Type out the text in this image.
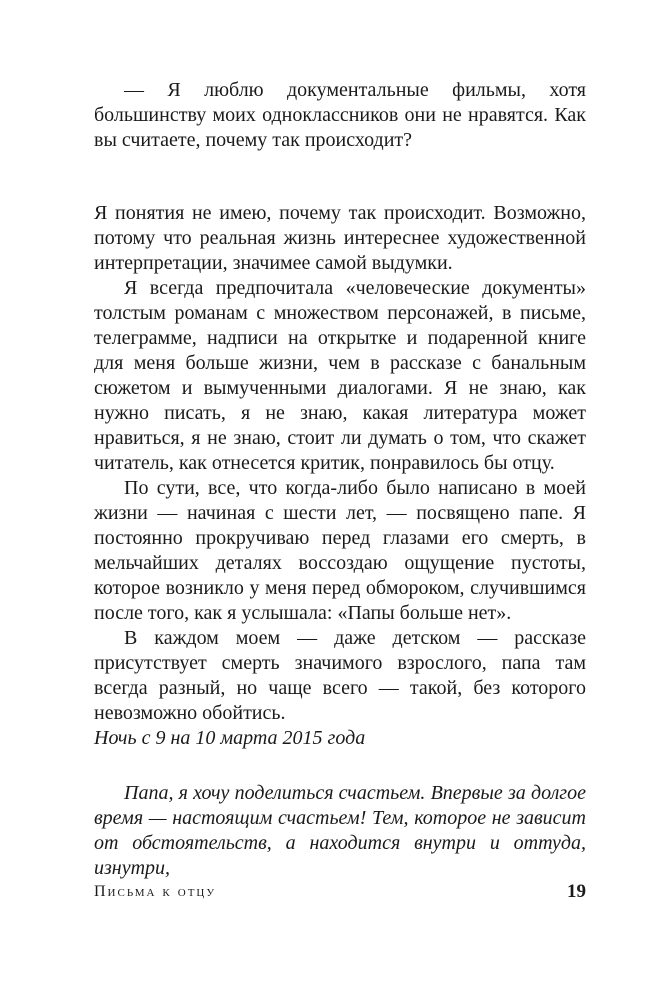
— Я люблю документальные фильмы, хотя большинству моих одноклассников они не нравятся. Как вы считаете, почему так происходит?

Я понятия не имею, почему так происходит. Возможно, потому что реальная жизнь интереснее художественной интерпретации, значимее самой выдумки.

Я всегда предпочитала «человеческие документы» толстым романам с множеством персонажей, в письме, телеграмме, надписи на открытке и подаренной книге для меня больше жизни, чем в рассказе с банальным сюжетом и вымученными диалогами. Я не знаю, как нужно писать, я не знаю, какая литература может нравиться, я не знаю, стоит ли думать о том, что скажет читатель, как отнесется критик, понравилось бы отцу.

По сути, все, что когда-либо было написано в моей жизни — начиная с шести лет, — посвящено папе. Я постоянно прокручиваю перед глазами его смерть, в мельчайших деталях воссоздаю ощущение пустоты, которое возникло у меня перед обмороком, случившимся после того, как я услышала: «Папы больше нет».

В каждом моем — даже детском — рассказе присутствует смерть значимого взрослого, папа там всегда разный, но чаще всего — такой, без которого невозможно обойтись.

Ночь с 9 на 10 марта 2015 года

Папа, я хочу поделиться счастьем. Впервые за долгое время — настоящим счастьем! Тем, которое не зависит от обстоятельств, а находится внутри и оттуда, изнутри,

Письма к отцу	19
